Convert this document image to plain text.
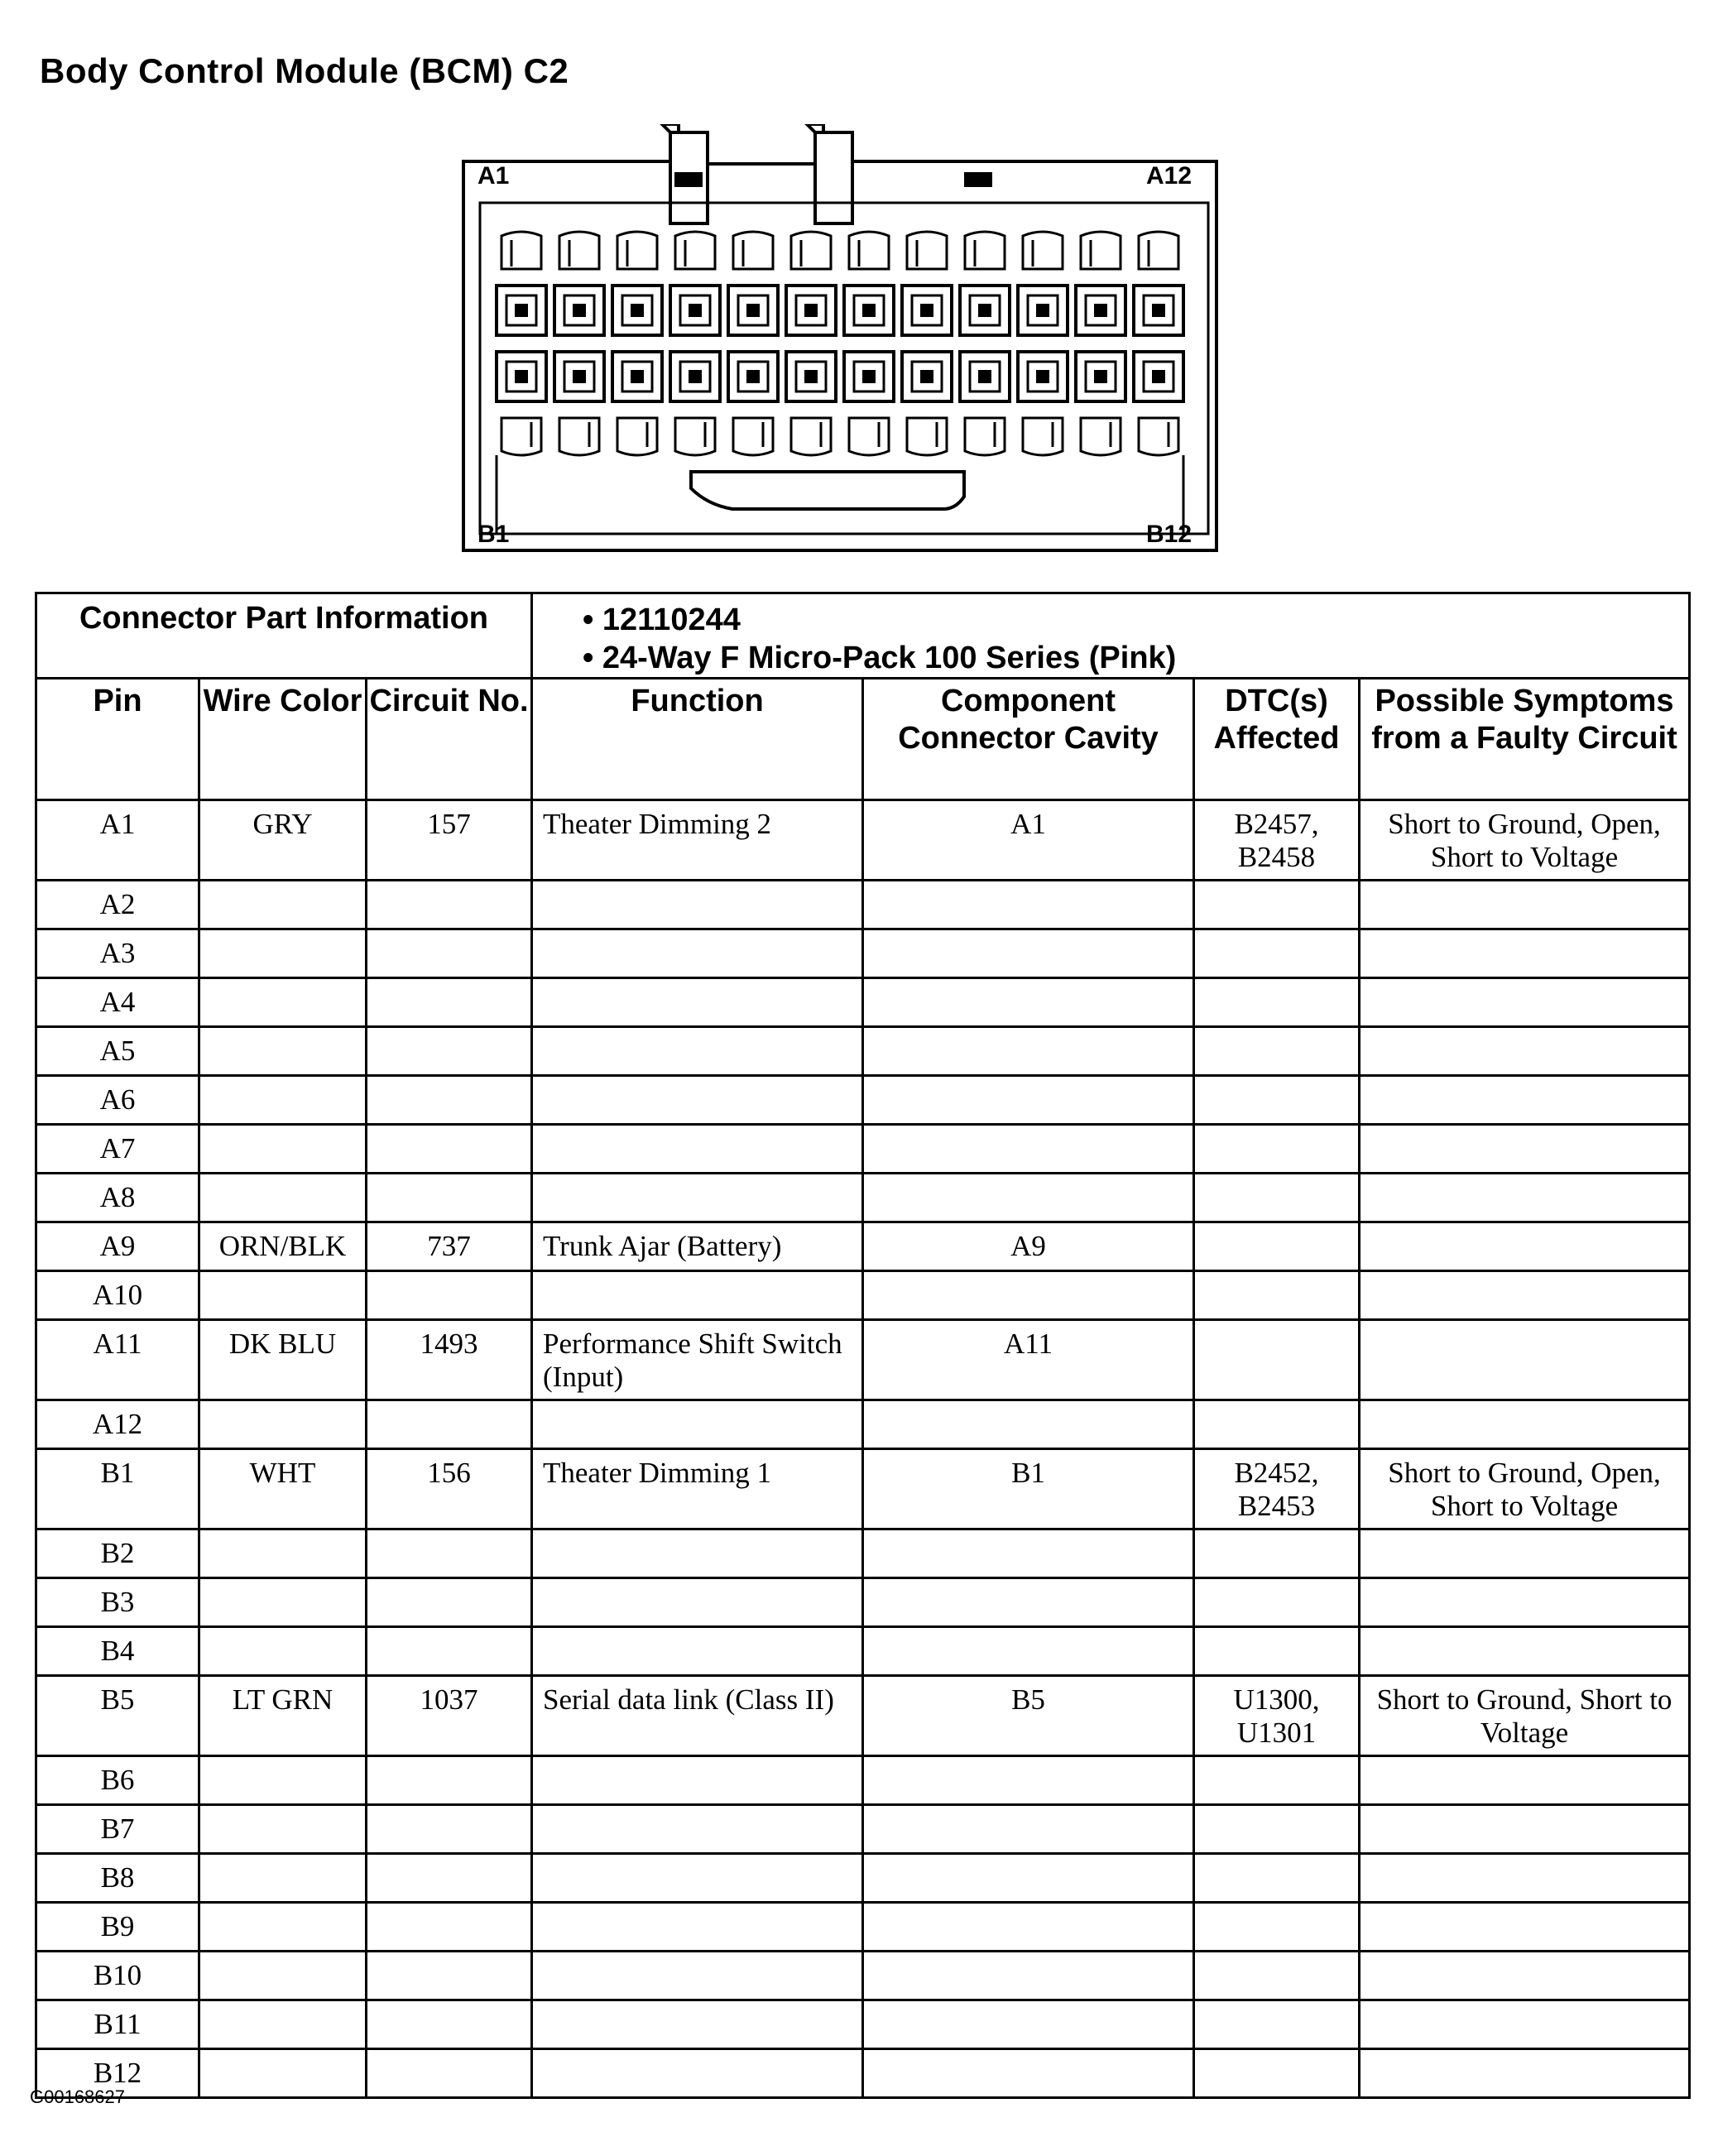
Body Control Module (BCM) C2
A1	A12
B1	B12
Connector Part Information			• 12110244
• 24-Way F Micro-Pack 100 Series (Pink)			

Pin	Wire Color	Circuit No.	Function	Component Connector Cavity	DTC(s) Affected	Possible Symptoms from a Faulty Circuit
A1	GRY	157	Theater Dimming 2	A1	B2457, B2458	Short to Ground, Open, Short to Voltage
A2						
A3						
A4						
A5						
A6						
A7						
A8						
A9	ORN/BLK	737	Trunk Ajar (Battery)	A9		
A10						
A11	DK BLU	1493	Performance Shift Switch (Input)	A11		
A12						
B1	WHT	156	Theater Dimming 1	B1	B2452, B2453	Short to Ground, Open, Short to Voltage
B2						
B3						
B4						
B5	LT GRN	1037	Serial data link (Class II)	B5	U1300, U1301	Short to Ground, Short to Voltage
B6						
B7						
B8						
B9						
B10						
B11						
B12						
G00168627
